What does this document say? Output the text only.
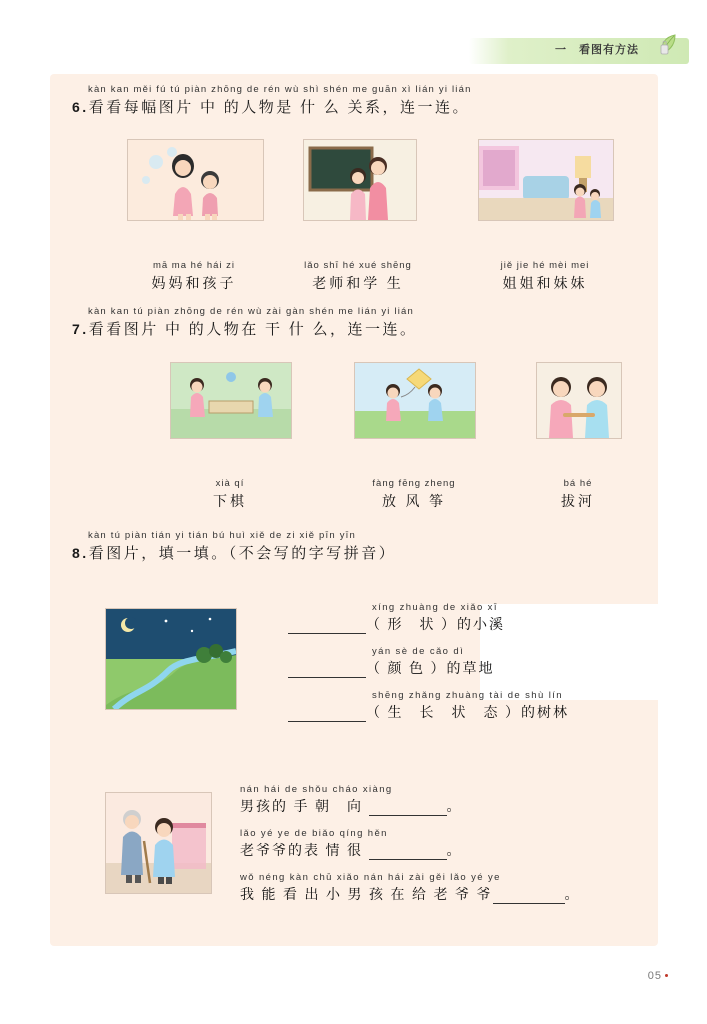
一　看图有方法
kàn kan měi fú tú piàn zhōng de rén wù shì shén me guān xì lián yi lián
6.看看每幅图片 中 的人物是 什 么 关系，连一连。
mā ma hé hái zi
妈妈和孩子
lǎo shī hé xué shēng
老师和学 生
jiě jie hé mèi mei
姐姐和妹妹
kàn kan tú piàn zhōng de rén wù zài gàn shén me lián yi lián
7.看看图片 中 的人物在 干 什 么，连一连。
xià qí
下棋
fàng fēng zheng
放 风 筝
bá hé
拔河
kàn tú piàn tián yi tián bú huì xiě de zi xiě pīn yīn
8.看图片，填一填。（不会写的字写拼音）
xíng zhuàng de xiǎo xī
（ 形　状 ）的小溪
yán sè de cǎo dì
（ 颜 色 ）的草地
shēng zhǎng zhuàng tài de shù lín
（ 生　长　状　态 ）的树林
nán hái de shǒu cháo xiàng
男孩的 手 朝　向	。
lǎo yé ye de biǎo qíng hěn
老爷爷的表 情 很	。
wǒ néng kàn chū xiǎo nán hái zài gěi lǎo yé ye
我 能 看 出 小 男 孩 在 给 老 爷 爷	。
05
